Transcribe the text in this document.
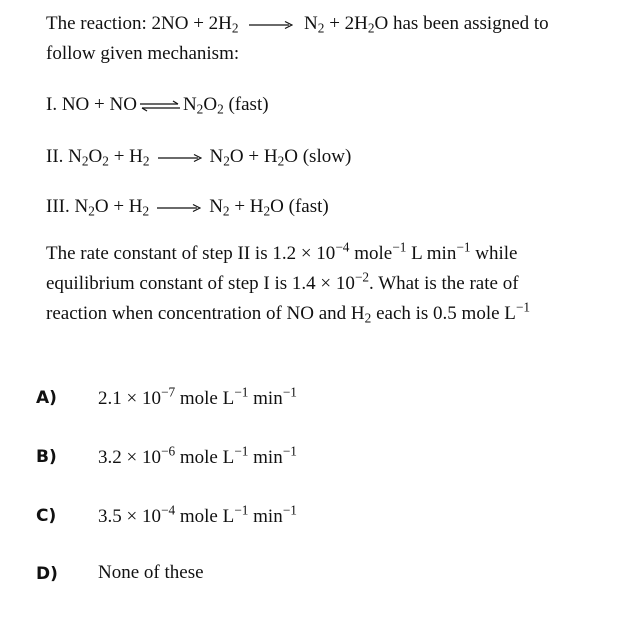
The reaction: $2NO + 2H_2$	$N_2 + 2H_2O$ has been assigned to
follow given mechanism:
I. NO + NO ⇌ $N_2O_2$ (fast)
II. $N_2O_2 + H_2$	$N_2O + H_2O$ (slow)
III. $N_2O + H_2$	$N_2 + H_2O$ (fast)
The rate constant of step II is $1.2 \times 10^{-4}$ mole$^{-1}$ L $\min^{-1}$ while
equilibrium constant of step I is $1.4 \times 10^{-2}$. What is the rate of
reaction when concentration of NO and $H_2$ each is 0.5 mole $L^{-1}$
A) $2.1 \times 10^{-7}$ mole $L^{-1}$ $\min^{-1}$
B) $3.2 \times 10^{-6}$ mole $L^{-1}$ $\min^{-1}$
C) $3.5 \times 10^{-4}$ mole $L^{-1}$ $\min^{-1}$
D) None of these
